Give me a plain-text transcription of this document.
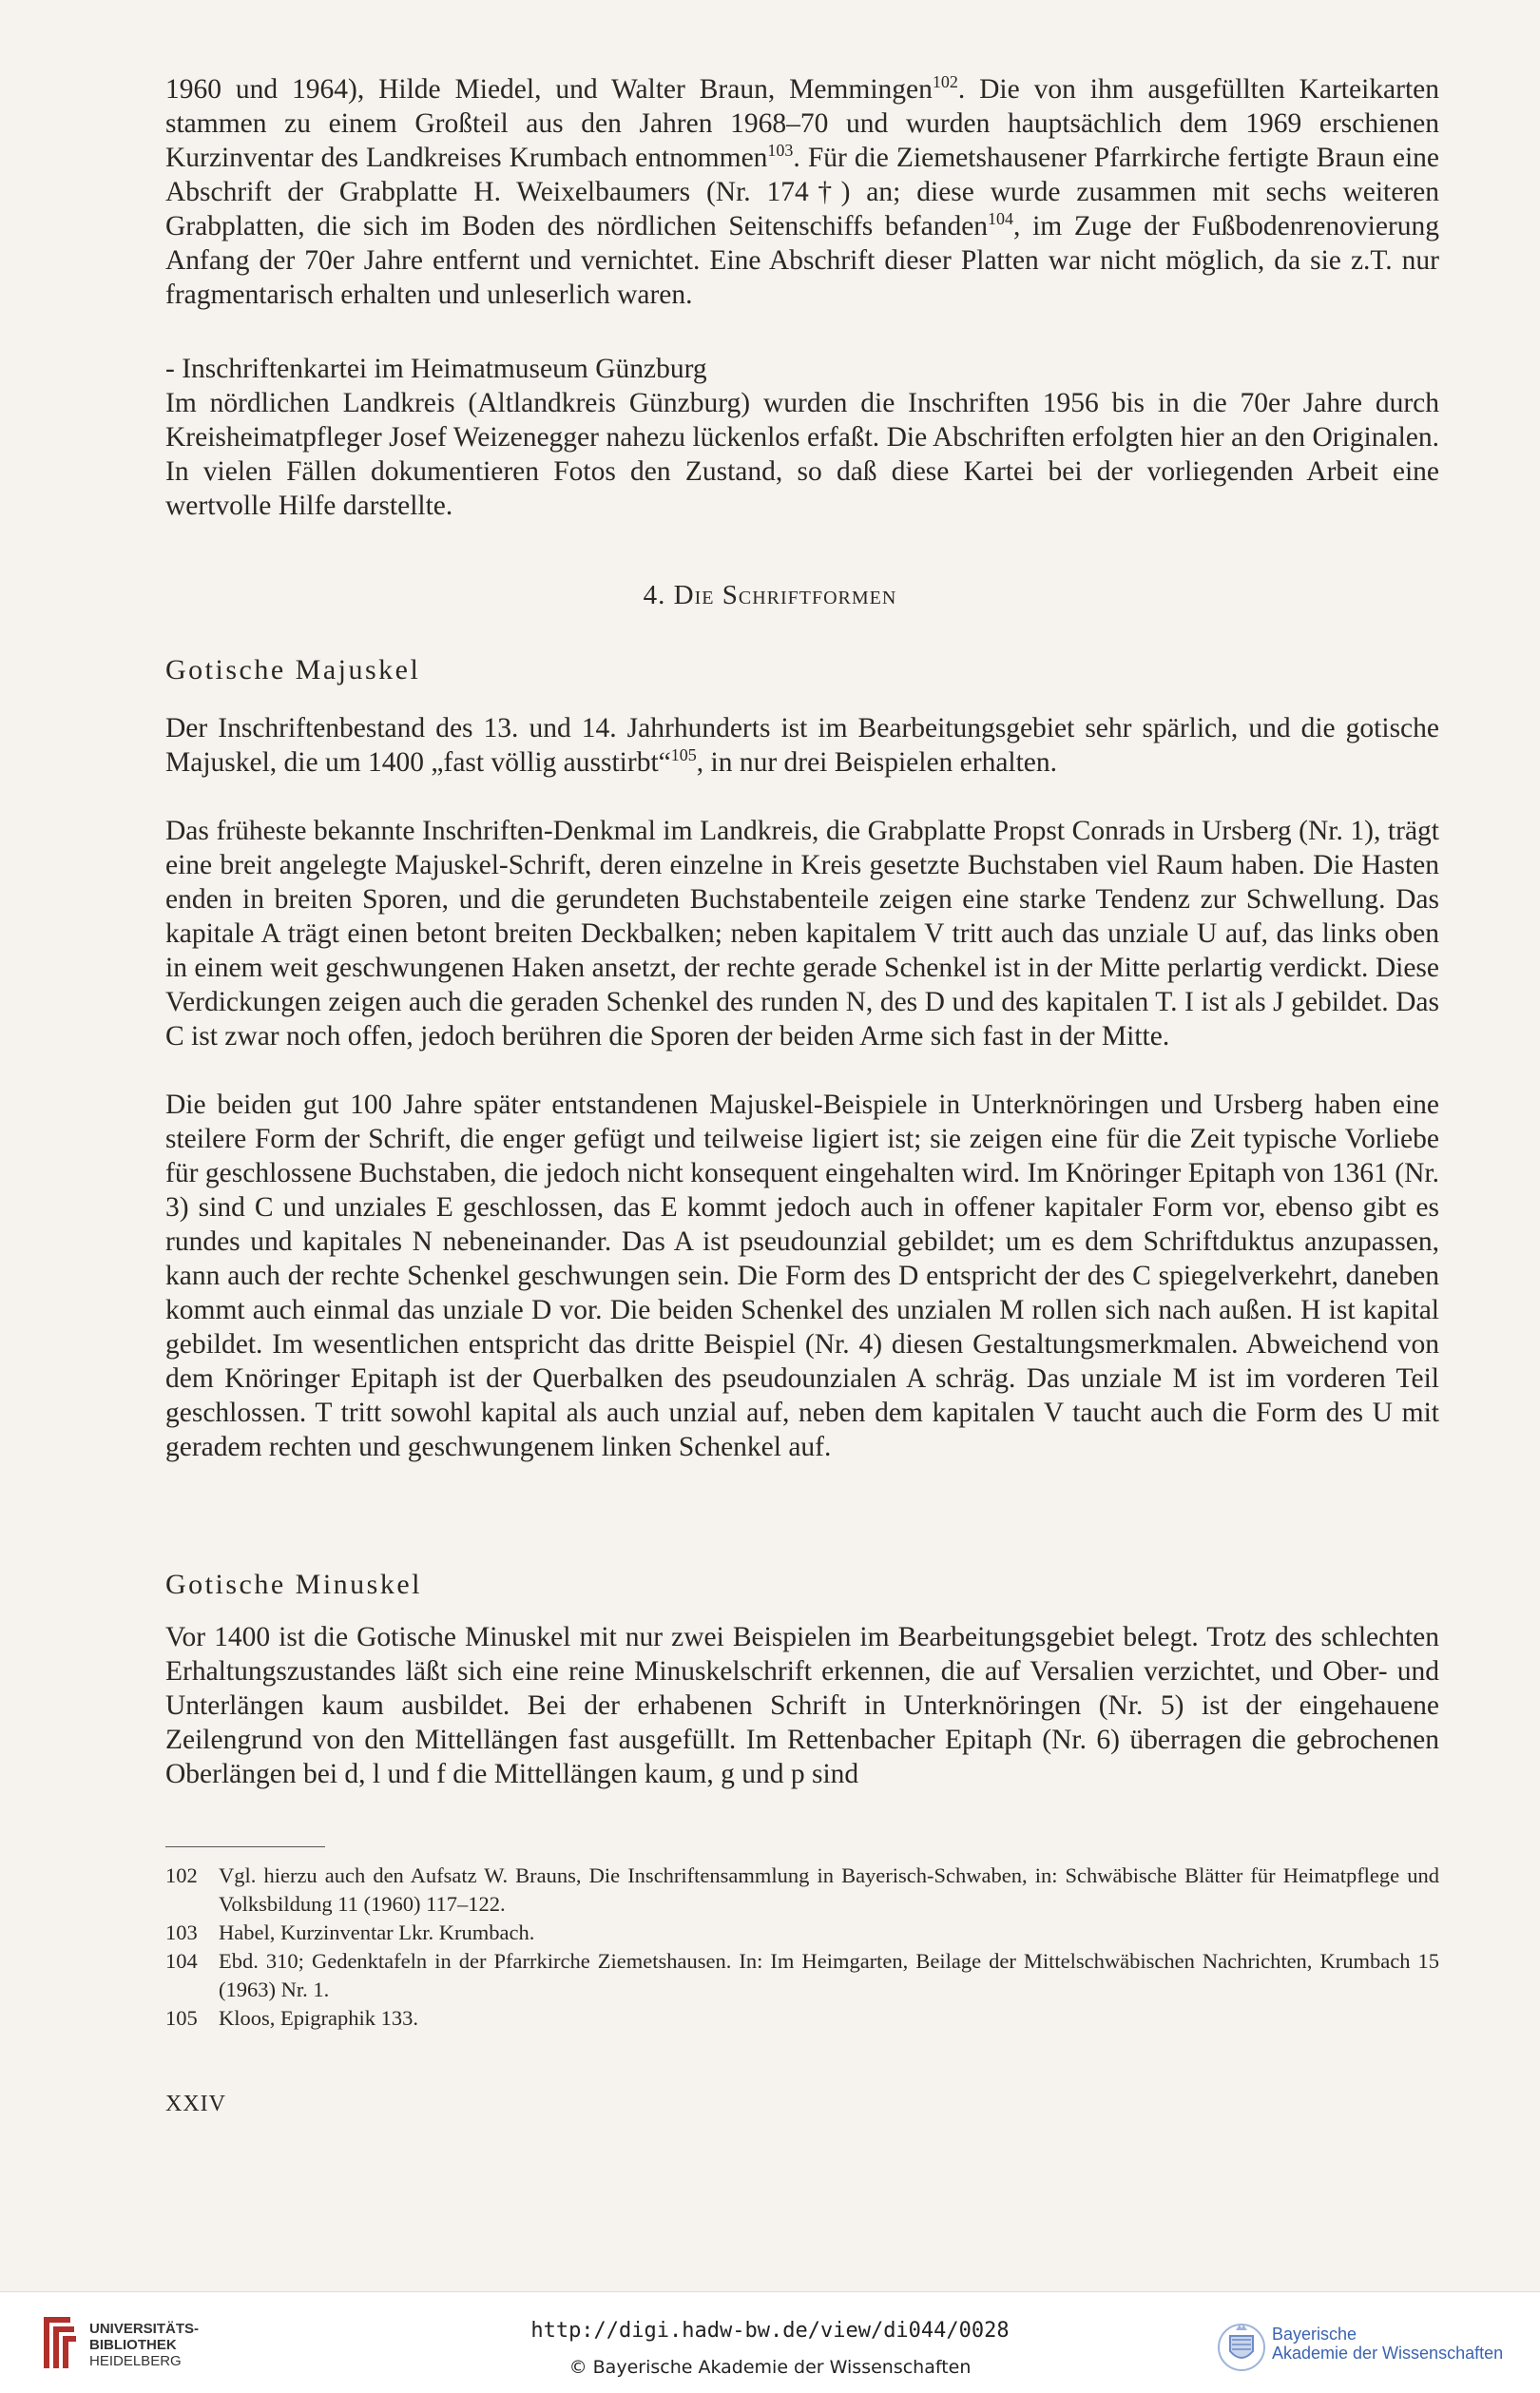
1960 und 1964), Hilde Miedel, und Walter Braun, Memmingen$^{102}$. Die von ihm ausgefüllten Karteikarten stammen zu einem Großteil aus den Jahren 1968–70 und wurden hauptsächlich dem 1969 erschienen Kurzinventar des Landkreises Krumbach entnommen$^{103}$. Für die Ziemetshausener Pfarrkirche fertigte Braun eine Abschrift der Grabplatte H. Weixelbaumers (Nr. 174†) an; diese wurde zusammen mit sechs weiteren Grabplatten, die sich im Boden des nördlichen Seitenschiffs befanden$^{104}$, im Zuge der Fußbodenrenovierung Anfang der 70er Jahre entfernt und vernichtet. Eine Abschrift dieser Platten war nicht möglich, da sie z.T. nur fragmentarisch erhalten und unleserlich waren.

- Inschriftenkartei im Heimatmuseum Günzburg

Im nördlichen Landkreis (Altlandkreis Günzburg) wurden die Inschriften 1956 bis in die 70er Jahre durch Kreisheimatpfleger Josef Weizenegger nahezu lückenlos erfaßt. Die Abschriften erfolgten hier an den Originalen. In vielen Fällen dokumentieren Fotos den Zustand, so daß diese Kartei bei der vorliegenden Arbeit eine wertvolle Hilfe darstellte.

4. Die Schriftformen
Gotische Majuskel

Der Inschriftenbestand des 13. und 14. Jahrhunderts ist im Bearbeitungsgebiet sehr spärlich, und die gotische Majuskel, die um 1400 „fast völlig ausstirbt“$^{105}$, in nur drei Beispielen erhalten.

Das früheste bekannte Inschriften-Denkmal im Landkreis, die Grabplatte Propst Conrads in Ursberg (Nr. 1), trägt eine breit angelegte Majuskel-Schrift, deren einzelne in Kreis gesetzte Buchstaben viel Raum haben. Die Hasten enden in breiten Sporen, und die gerundeten Buchstabenteile zeigen eine starke Tendenz zur Schwellung. Das kapitale A trägt einen betont breiten Deckbalken; neben kapitalem V tritt auch das unziale U auf, das links oben in einem weit geschwungenen Haken ansetzt, der rechte gerade Schenkel ist in der Mitte perlartig verdickt. Diese Verdickungen zeigen auch die geraden Schenkel des runden N, des D und des kapitalen T. I ist als J gebildet. Das C ist zwar noch offen, jedoch berühren die Sporen der beiden Arme sich fast in der Mitte.

Die beiden gut 100 Jahre später entstandenen Majuskel-Beispiele in Unterknöringen und Ursberg haben eine steilere Form der Schrift, die enger gefügt und teilweise ligiert ist; sie zeigen eine für die Zeit typische Vorliebe für geschlossene Buchstaben, die jedoch nicht konsequent eingehalten wird. Im Knöringer Epitaph von 1361 (Nr. 3) sind C und unziales E geschlossen, das E kommt jedoch auch in offener kapitaler Form vor, ebenso gibt es rundes und kapitales N nebeneinander. Das A ist pseudounzial gebildet; um es dem Schriftduktus anzupassen, kann auch der rechte Schenkel geschwungen sein. Die Form des D entspricht der des C spiegelverkehrt, daneben kommt auch einmal das unziale D vor. Die beiden Schenkel des unzialen M rollen sich nach außen. H ist kapital gebildet. Im wesentlichen entspricht das dritte Beispiel (Nr. 4) diesen Gestaltungsmerkmalen. Abweichend von dem Knöringer Epitaph ist der Querbalken des pseudounzialen A schräg. Das unziale M ist im vorderen Teil geschlossen. T tritt sowohl kapital als auch unzial auf, neben dem kapitalen V taucht auch die Form des U mit geradem rechten und geschwungenem linken Schenkel auf.

Gotische Minuskel

Vor 1400 ist die Gotische Minuskel mit nur zwei Beispielen im Bearbeitungsgebiet belegt. Trotz des schlechten Erhaltungszustandes läßt sich eine reine Minuskelschrift erkennen, die auf Versalien verzichtet, und Ober- und Unterlängen kaum ausbildet. Bei der erhabenen Schrift in Unterknöringen (Nr. 5) ist der eingehauene Zeilengrund von den Mittellängen fast ausgefüllt. Im Rettenbacher Epitaph (Nr. 6) überragen die gebrochenen Oberlängen bei d, l und f die Mittellängen kaum, g und p sind

102 Vgl. hierzu auch den Aufsatz W. Brauns, Die Inschriftensammlung in Bayerisch-Schwaben, in: Schwäbische Blätter für Heimatpflege und Volksbildung 11 (1960) 117–122.
103 Habel, Kurzinventar Lkr. Krumbach.
104 Ebd. 310; Gedenktafeln in der Pfarrkirche Ziemetshausen. In: Im Heimgarten, Beilage der Mittelschwäbischen Nachrichten, Krumbach 15 (1963) Nr. 1.
105 Kloos, Epigraphik 133.
XXIV
UNIVERSITÄTS-
BIBLIOTHEK
HEIDELBERG
http://digi.hadw-bw.de/view/di044/0028
© Bayerische Akademie der Wissenschaften
Bayerische
Akademie der Wissenschaften
